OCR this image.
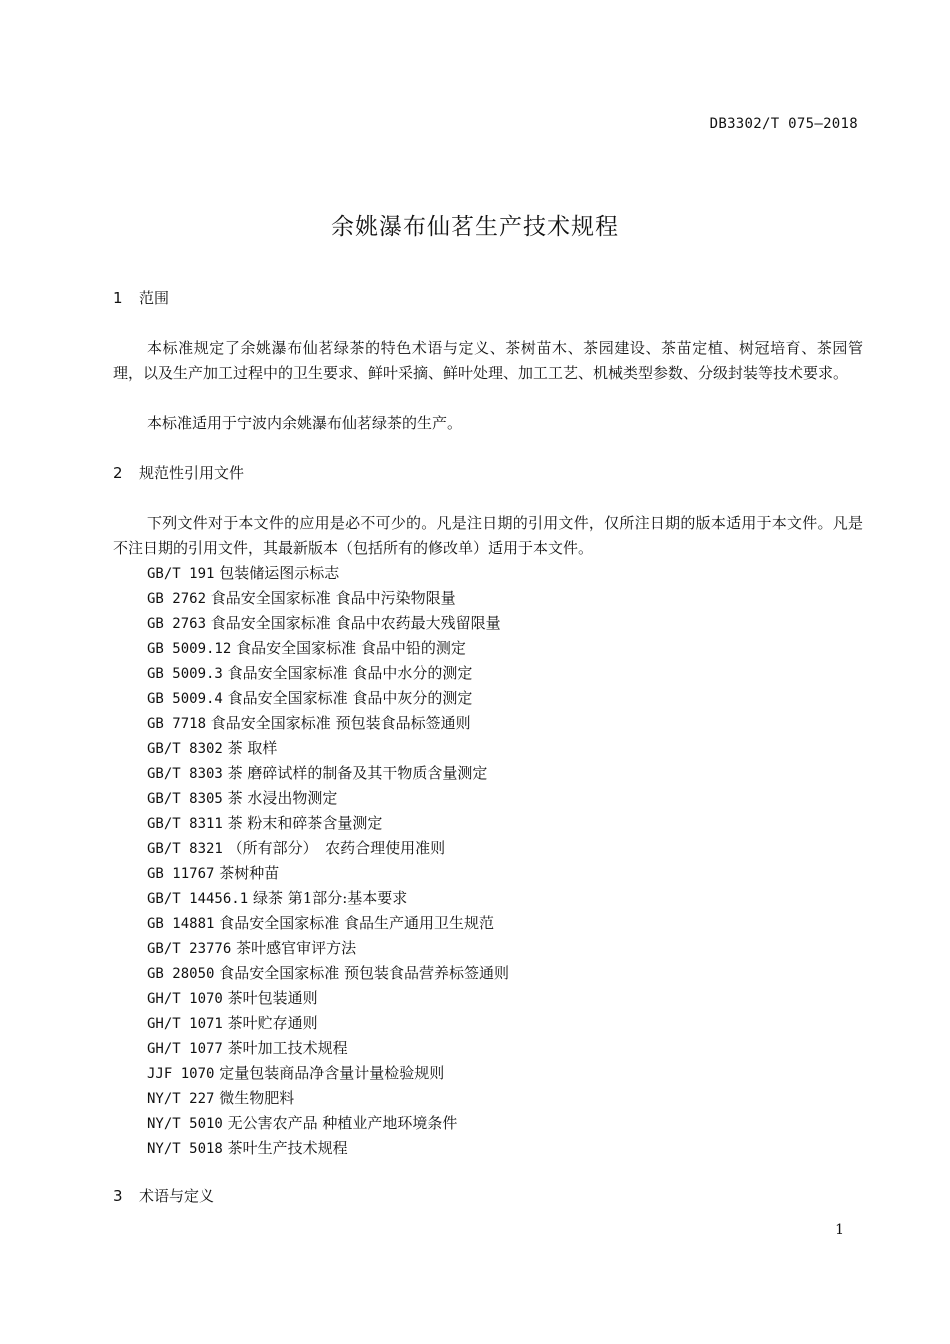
DB3302/T 075—2018
余姚瀑布仙茗生产技术规程
1 范围

本标准规定了余姚瀑布仙茗绿茶的特色术语与定义、茶树苗木、茶园建设、茶苗定植、树冠培育、茶园管理，以及生产加工过程中的卫生要求、鲜叶采摘、鲜叶处理、加工工艺、机械类型参数、分级封装等技术要求。

本标准适用于宁波内余姚瀑布仙茗绿茶的生产。

2 规范性引用文件

下列文件对于本文件的应用是必不可少的。凡是注日期的引用文件，仅所注日期的版本适用于本文件。凡是不注日期的引用文件，其最新版本（包括所有的修改单）适用于本文件。

GB/T 191 包装储运图示标志
GB 2762 食品安全国家标准 食品中污染物限量
GB 2763 食品安全国家标准 食品中农药最大残留限量
GB 5009.12 食品安全国家标准 食品中铅的测定
GB 5009.3 食品安全国家标准 食品中水分的测定
GB 5009.4 食品安全国家标准 食品中灰分的测定
GB 7718 食品安全国家标准 预包装食品标签通则
GB/T 8302 茶 取样
GB/T 8303 茶 磨碎试样的制备及其干物质含量测定
GB/T 8305 茶 水浸出物测定
GB/T 8311 茶 粉末和碎茶含量测定
GB/T 8321 （所有部分）　农药合理使用准则
GB 11767 茶树种苗
GB/T 14456.1 绿茶 第1部分:基本要求
GB 14881 食品安全国家标准 食品生产通用卫生规范
GB/T 23776 茶叶感官审评方法
GB 28050 食品安全国家标准 预包装食品营养标签通则
GH/T 1070 茶叶包装通则
GH/T 1071 茶叶贮存通则
GH/T 1077 茶叶加工技术规程
JJF 1070 定量包装商品净含量计量检验规则
NY/T 227 微生物肥料
NY/T 5010 无公害农产品 种植业产地环境条件
NY/T 5018 茶叶生产技术规程
3 术语与定义
1
